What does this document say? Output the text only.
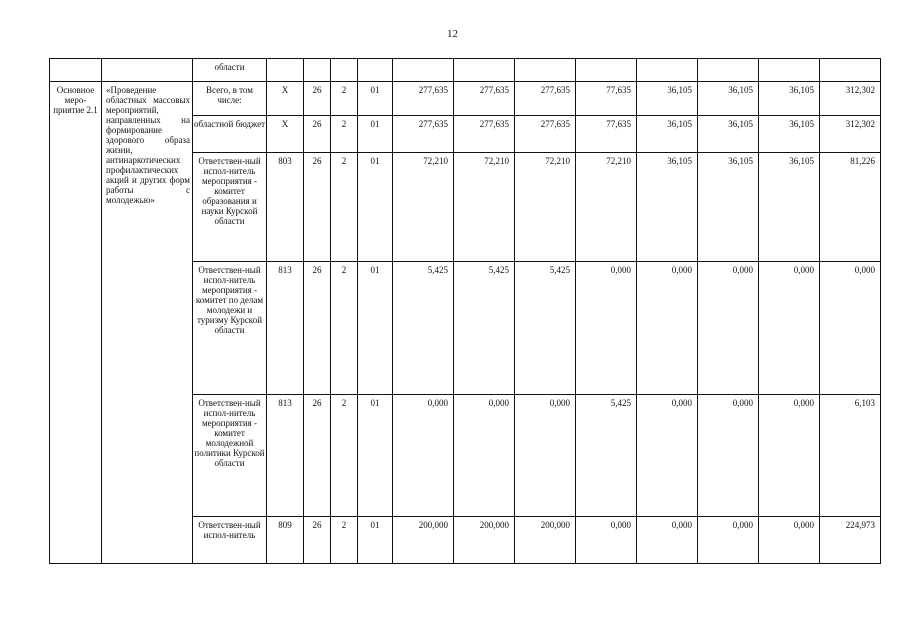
12
		области												
Основное меро-приятие 2.1	«Проведение областных массовых мероприятий, направленных на формирование здорового образа жизни, антинаркотических профилактических акций и других форм работы с молодежью»	Всего, в том числе:	Х	26	2	01	277,635	277,635	277,635	77,635	36,105	36,105	36,105	312,302
		областной бюджет	Х	26	2	01	277,635	277,635	277,635	77,635	36,105	36,105	36,105	312,302
		Ответствен-ный испол-нитель мероприятия - комитет образования и науки Курской области	803	26	2	01	72,210	72,210	72,210	72,210	36,105	36,105	36,105	81,226
		Ответствен-ный испол-нитель мероприятия - комитет по делам молодежи и туризму Курской области	813	26	2	01	5,425	5,425	5,425	0,000	0,000	0,000	0,000	0,000
		Ответствен-ный испол-нитель мероприятия - комитет молодежной политики Курской области	813	26	2	01	0,000	0,000	0,000	5,425	0,000	0,000	0,000	6,103
		Ответствен-ный испол-нитель	809	26	2	01	200,000	200,000	200,000	0,000	0,000	0,000	0,000	224,973
